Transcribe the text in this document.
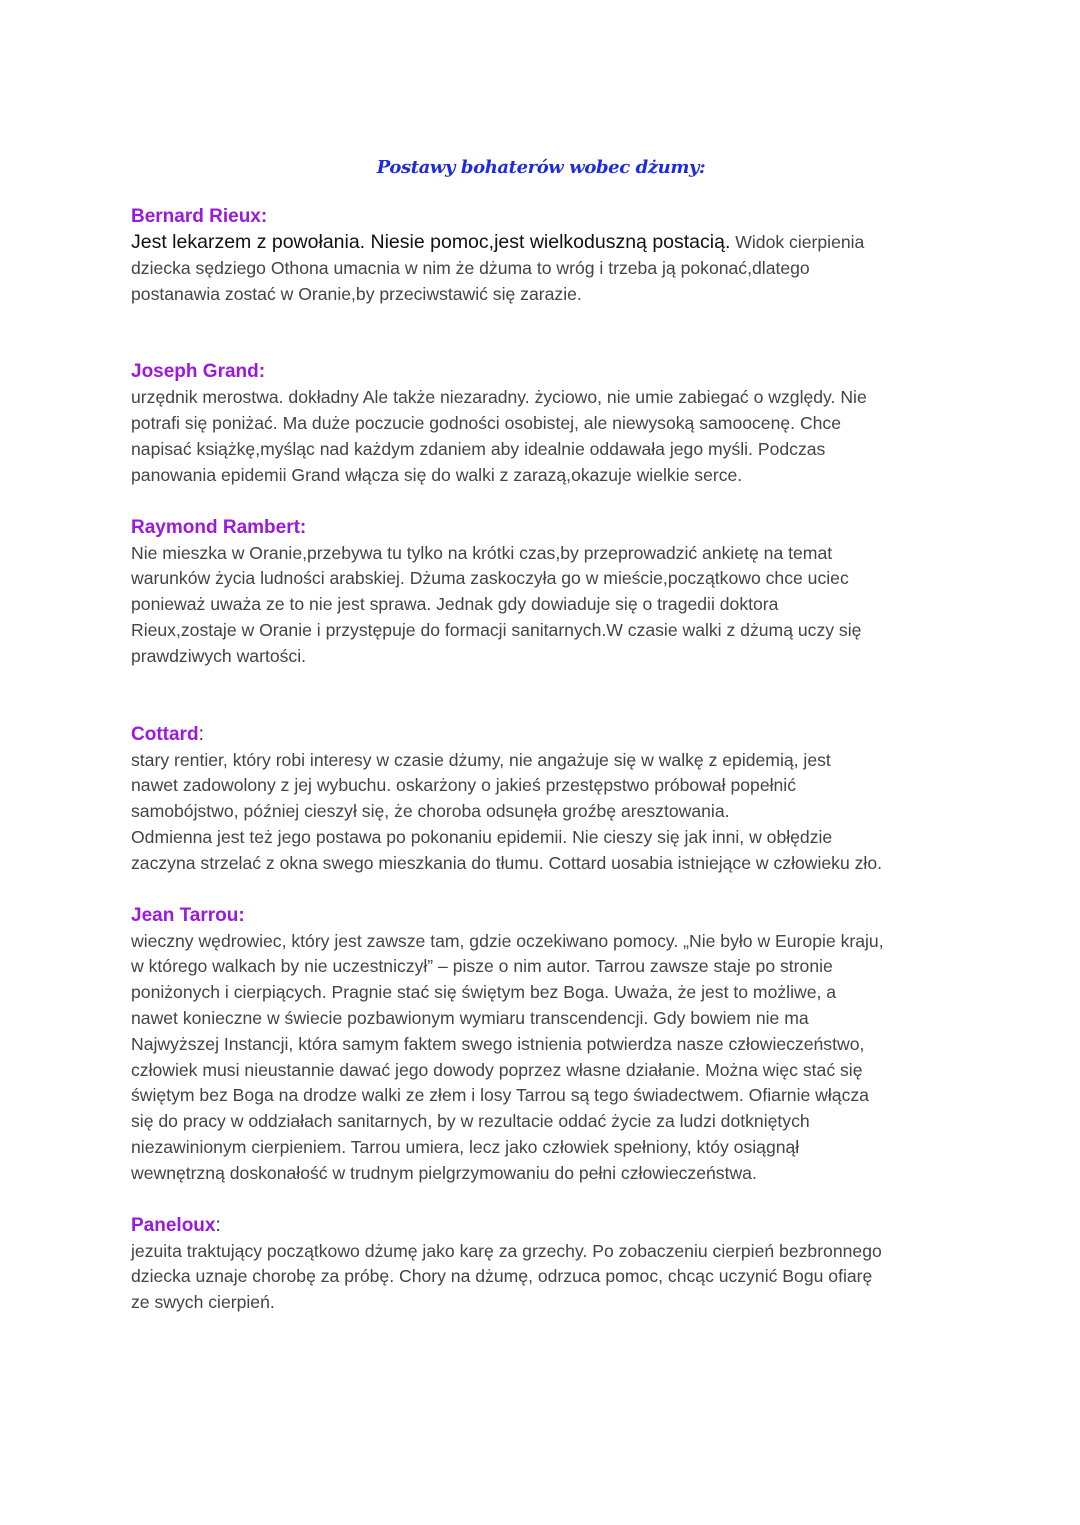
Postawy bohaterów wobec dżumy:
Bernard Rieux:
Jest lekarzem z powołania. Niesie pomoc,jest wielkoduszną postacią. Widok cierpienia
dziecka sędziego Othona umacnia w nim że dżuma to wróg i trzeba ją pokonać,dlatego
postanawia zostać w Oranie,by przeciwstawić się zarazie.
Joseph Grand:
urzędnik merostwa. dokładny Ale także niezaradny. życiowo, nie umie zabiegać o względy. Nie
potrafi się poniżać. Ma duże poczucie godności osobistej, ale niewysoką samoocenę. Chce
napisać książkę,myśląc nad każdym zdaniem aby idealnie oddawała jego myśli. Podczas
panowania epidemii Grand włącza się do walki z zarazą,okazuje wielkie serce.
Raymond Rambert:
Nie mieszka w Oranie,przebywa tu tylko na krótki czas,by przeprowadzić ankietę na temat
warunków życia ludności arabskiej. Dżuma zaskoczyła go w mieście,początkowo chce uciec
ponieważ uważa ze to nie jest sprawa. Jednak gdy dowiaduje się o tragedii doktora
Rieux,zostaje w Oranie i przystępuje do formacji sanitarnych.W czasie walki z dżumą uczy się
prawdziwych wartości.
Cottard:
stary rentier, który robi interesy w czasie dżumy, nie angażuje się w walkę z epidemią, jest
nawet zadowolony z jej wybuchu. oskarżony o jakieś przestępstwo próbował popełnić
samobójstwo, później cieszył się, że choroba odsunęła groźbę aresztowania.
Odmienna jest też jego postawa po pokonaniu epidemii. Nie cieszy się jak inni, w obłędzie
zaczyna strzelać z okna swego mieszkania do tłumu. Cottard uosabia istniejące w człowieku zło.
Jean Tarrou:
wieczny wędrowiec, który jest zawsze tam, gdzie oczekiwano pomocy. „Nie było w Europie kraju,
w którego walkach by nie uczestniczył” – pisze o nim autor. Tarrou zawsze staje po stronie
poniżonych i cierpiących. Pragnie stać się świętym bez Boga. Uważa, że jest to możliwe, a
nawet konieczne w świecie pozbawionym wymiaru transcendencji. Gdy bowiem nie ma
Najwyższej Instancji, która samym faktem swego istnienia potwierdza nasze człowieczeństwo,
człowiek musi nieustannie dawać jego dowody poprzez własne działanie. Można więc stać się
świętym bez Boga na drodze walki ze złem i losy Tarrou są tego świadectwem. Ofiarnie włącza
się do pracy w oddziałach sanitarnych, by w rezultacie oddać życie za ludzi dotkniętych
niezawinionym cierpieniem. Tarrou umiera, lecz jako człowiek spełniony, któy osiągnął
wewnętrzną doskonałość w trudnym pielgrzymowaniu do pełni człowieczeństwa.
Paneloux:
jezuita traktujący początkowo dżumę jako karę za grzechy. Po zobaczeniu cierpień bezbronnego
dziecka uznaje chorobę za próbę. Chory na dżumę, odrzuca pomoc, chcąc uczynić Bogu ofiarę
ze swych cierpień.
